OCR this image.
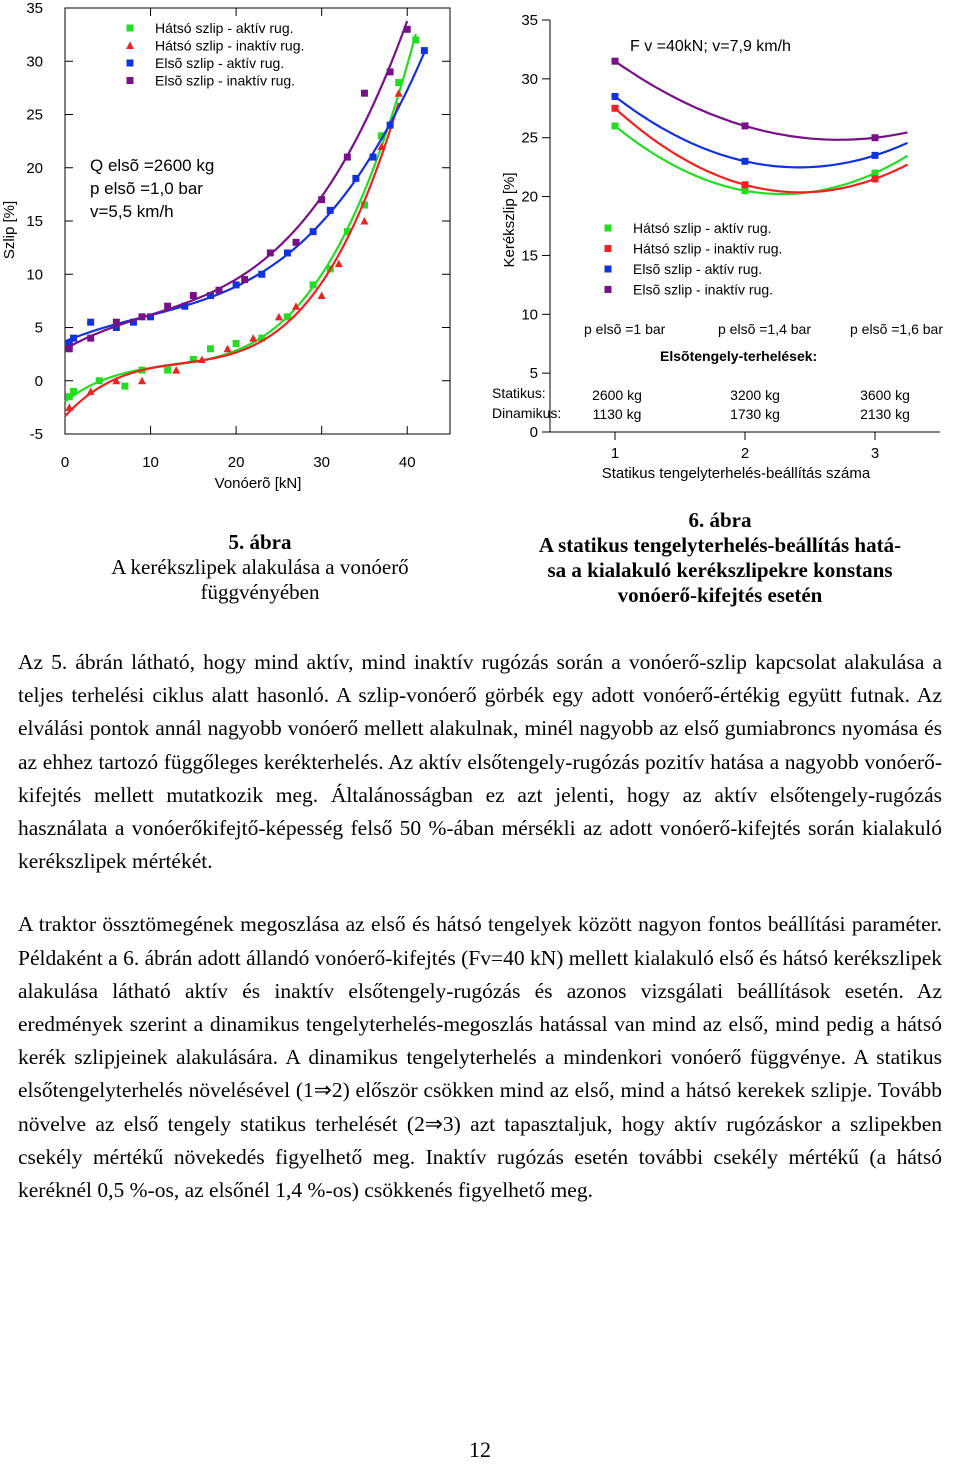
-5
0
5
10
15
20
25
30
35
0	10	20	30	40
Hátsó szlip - aktív rug.
Hátsó szlip - inaktív rug.
Elsõ szlip - aktív rug.
Elsõ szlip - inaktív rug.
Szlip [%]
Vonóerõ [kN]
Q elsõ =2600 kg
p elsõ =1,0 bar
v=5,5 km/h
5. ábra
A kerékszlipek alakulása a vonóerő
függvényében
0
5
10
15
20
25
30
35
1	2	3
Hátsó szlip - aktív rug.
Hátsó szlip - inaktív rug.
Elsõ szlip - aktív rug.
Elsõ szlip - inaktív rug.
Kerékszlip [%]
F v =40kN; v=7,9 km/h
p elsõ =1 bar	p elsõ =1,4 bar	p elsõ =1,6 bar
Elsõtengely-terhelések:
Statikus:
Dinamikus:
2600 kg	3200 kg	3600 kg
1130 kg	1730 kg	2130 kg
Statikus tengelyterhelés-beállítás száma
6. ábra
A statikus tengelyterhelés-beállítás hatá-
sa a kialakuló kerékszlipekre konstans
vonóerő-kifejtés esetén

Az 5. ábrán látható, hogy mind aktív, mind inaktív rugózás során a vonóerő-szlip kapcsolat alakulása a teljes terhelési ciklus alatt hasonló. A szlip-vonóerő görbék egy adott vonóerő-értékig együtt futnak. Az elválási pontok annál nagyobb vonóerő mellett alakulnak, minél nagyobb az első gumiabroncs nyomása és az ehhez tartozó függőleges kerékterhelés. Az aktív elsőtengely-rugózás pozitív hatása a nagyobb vonóerő-kifejtés mellett mutatkozik meg. Általánosságban ez azt jelenti, hogy az aktív elsőtengely-rugózás használata a vonóerőkifejtő-képesség felső 50 %-ában mérsékli az adott vonóerő-kifejtés során kialakuló kerékszlipek mértékét.

A traktor össztömegének megoszlása az első és hátsó tengelyek között nagyon fontos beállítási paraméter. Példaként a 6. ábrán adott állandó vonóerő-kifejtés (Fv=40 kN) mellett kialakuló első és hátsó kerékszlipek alakulása látható aktív és inaktív elsőtengely-rugózás és azonos vizsgálati beállítások esetén. Az eredmények szerint a dinamikus tengelyterhelés-megoszlás hatással van mind az első, mind pedig a hátsó kerék szlipjeinek alakulására. A dinamikus tengelyterhelés a mindenkori vonóerő függvénye. A statikus elsőtengelyterhelés növelésével (1⇒2) először csökken mind az első, mind a hátsó kerekek szlipje. Tovább növelve az első tengely statikus terhelését (2⇒3) azt tapasztaljuk, hogy aktív rugózáskor a szlipekben csekély mértékű növekedés figyelhető meg. Inaktív rugózás esetén további csekély mértékű (a hátsó keréknél 0,5 %-os, az elsőnél 1,4 %-os) csökkenés figyelhető meg.

12
